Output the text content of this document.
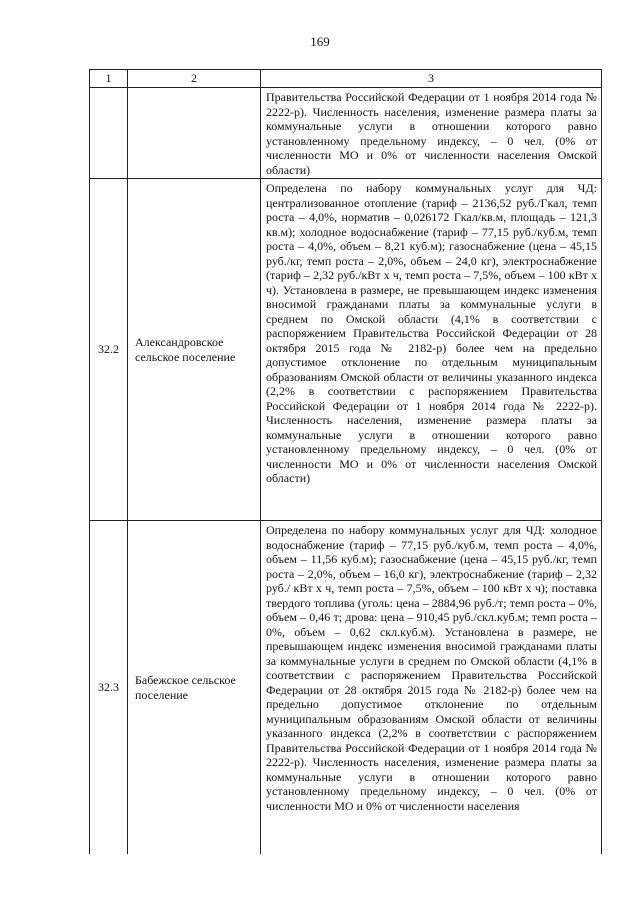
169
1	2	3

		Правительства Российской Федерации от 1 ноября 2014 года № 2222-р). Численность населения, изменение размера платы за коммунальные услуги в отношении которого равно установленному предельному индексу, – 0 чел. (0% от численности МО и 0% от численности населения Омской области)

32.2	Александровское сельское поселение	Определена по набору коммунальных услуг для ЧД: централизованное отопление (тариф – 2136,52 руб./Гкал, темп роста – 4,0%, норматив – 0,026172 Гкал/кв.м, площадь – 121,3 кв.м); холодное водоснабжение (тариф – 77,15 руб./куб.м, темп роста – 4,0%, объем – 8,21 куб.м); газоснабжение (цена – 45,15 руб./кг, темп роста – 2,0%, объем – 24,0 кг), электроснабжение (тариф – 2,32 руб./кВт х ч, темп роста – 7,5%, объем – 100 кВт х ч). Установлена в размере, не превышающем индекс изменения вносимой гражданами платы за коммунальные услуги в среднем по Омской области (4,1% в соответствии с распоряжением Правительства Российской Федерации от 28 октября 2015 года № 2182-р) более чем на предельно допустимое отклонение по отдельным муниципальным образованиям Омской области от величины указанного индекса (2,2% в соответствии с распоряжением Правительства Российской Федерации от 1 ноября 2014 года № 2222-р). Численность населения, изменение размера платы за коммунальные услуги в отношении которого равно установленному предельному индексу, – 0 чел. (0% от численности МО и 0% от численности населения Омской области)

32.3	Бабежское сельское поселение	Определена по набору коммунальных услуг для ЧД: холодное водоснабжение (тариф – 77,15 руб./куб.м, темп роста – 4,0%, объем – 11,56 куб.м); газоснабжение (цена – 45,15 руб./кг, темп роста – 2,0%, объем – 16,0 кг), электроснабжение (тариф – 2,32 руб./ кВт х ч, темп роста – 7,5%, объем – 100 кВт х ч); поставка твердого топлива (уголь: цена – 2884,96 руб./т; темп роста – 0%, объем – 0,46 т; дрова: цена – 910,45 руб./скл.куб.м; темп роста – 0%, объем – 0,62 скл.куб.м). Установлена в размере, не превышающем индекс изменения вносимой гражданами платы за коммунальные услуги в среднем по Омской области (4,1% в соответствии с распоряжением Правительства Российской Федерации от 28 октября 2015 года № 2182-р) более чем на предельно допустимое отклонение по отдельным муниципальным образованиям Омской области от величины указанного индекса (2,2% в соответствии с распоряжением Правительства Российской Федерации от 1 ноября 2014 года № 2222-р). Численность населения, изменение размера платы за коммунальные услуги в отношении которого равно установленному предельному индексу, – 0 чел. (0% от численности МО и 0% от численности населения
